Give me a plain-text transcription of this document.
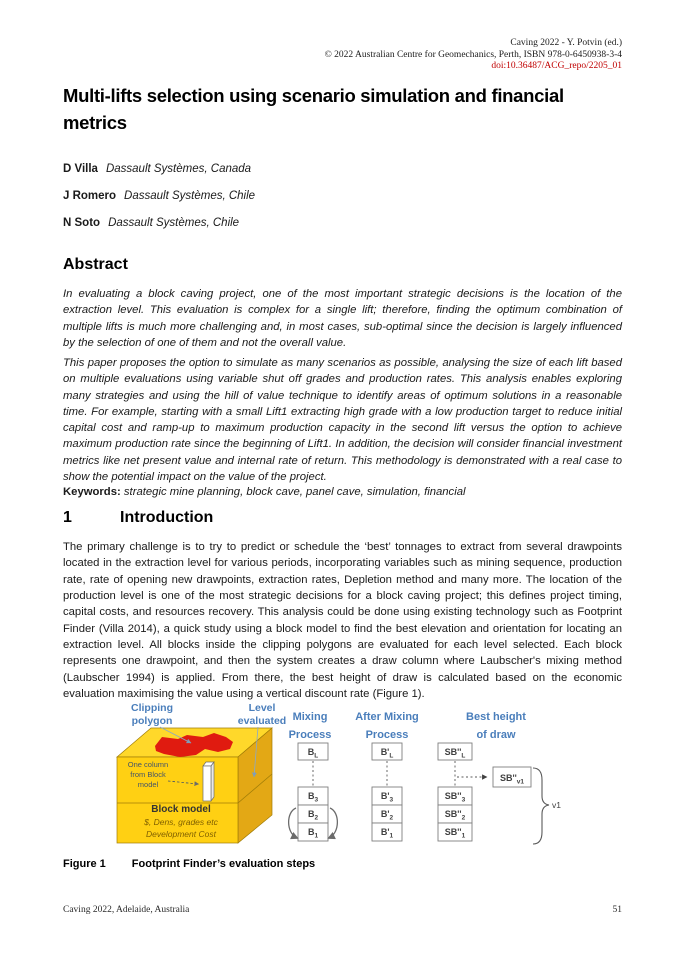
Caving 2022 - Y. Potvin (ed.)
© 2022 Australian Centre for Geomechanics, Perth, ISBN 978-0-6450938-3-4
doi:10.36487/ACG_repo/2205_01
Multi-lifts selection using scenario simulation and financial metrics
D Villa Dassault Systèmes, Canada
J Romero Dassault Systèmes, Chile
N Soto Dassault Systèmes, Chile
Abstract
In evaluating a block caving project, one of the most important strategic decisions is the location of the extraction level. This evaluation is complex for a single lift; therefore, finding the optimum combination of multiple lifts is much more challenging and, in most cases, sub-optimal since the decision is largely influenced by the selection of one of them and not the overall value.
This paper proposes the option to simulate as many scenarios as possible, analysing the size of each lift based on multiple evaluations using variable shut off grades and production rates. This analysis enables exploring many strategies and using the hill of value technique to identify areas of optimum solutions in a reasonable time. For example, starting with a small Lift1 extracting high grade with a low production target to reduce initial capital cost and ramp-up to maximum production capacity in the second lift versus the option to achieve maximum production rate since the beginning of Lift1. In addition, the decision will consider financial investment metrics like net present value and internal rate of return. This methodology is demonstrated with a real case to show the potential impact on the value of the project.
Keywords: strategic mine planning, block cave, panel cave, simulation, financial
1	Introduction
The primary challenge is to try to predict or schedule the ‘best’ tonnages to extract from several drawpoints located in the extraction level for various periods, incorporating variables such as mining sequence, production rate, rate of opening new drawpoints, extraction rates, Depletion method and many more. The location of the production level is one of the most strategic decisions for a block caving project; this defines project timing, capital costs, and resources recovery. This analysis could be done using existing technology such as Footprint Finder (Villa 2014), a quick study using a block model to find the best elevation and orientation for locating an extraction level. All blocks inside the clipping polygons are evaluated for each level selected. Each block represents one drawpoint, and then the system creates a draw column where Laubscher's mixing method (Laubscher 1994) is applied. From there, the best height of draw is calculated based on the economic evaluation maximising the value using a vertical discount rate (Figure 1).
Clipping polygon
Level evaluated
One column from Block model
Block model
$, Dens, grades etc
Development Cost
Mixing Process
After Mixing Process
Best height of draw
$B_L$
$B_3$
$B_2$
$B_1$
$B'_L$
$B'_3$
$B'_2$
$B'_1$
$SB''_L$
$SB''_3$
$SB''_2$
$SB''_1$
$SB''_{v1}$
v1
Figure 1 Footprint Finder’s evaluation steps
Caving 2022, Adelaide, Australia	51
